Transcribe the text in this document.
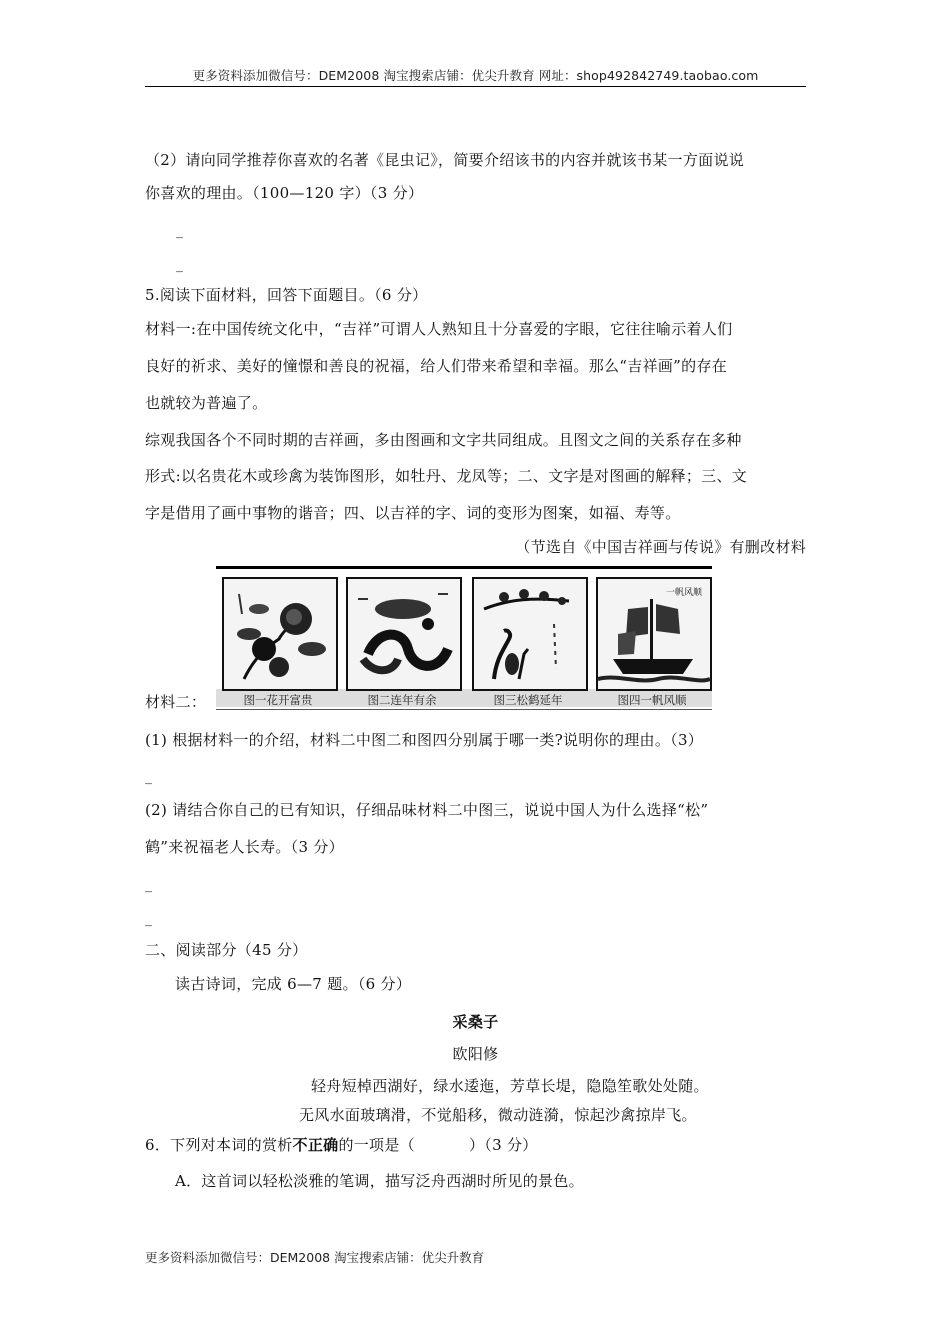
更多资料添加微信号：DEM2008 淘宝搜索店铺：优尖升教育 网址：shop492842749.taobao.com
（2）请向同学推荐你喜欢的名著《昆虫记》，简要介绍该书的内容并就该书某一方面说说
你喜欢的理由。（100—120 字）（3 分）
_
_
5.阅读下面材料，回答下面题目。（6 分）
材料一:在中国传统文化中，“吉祥”可谓人人熟知且十分喜爱的字眼，它往往喻示着人们
良好的祈求、美好的憧憬和善良的祝福，给人们带来希望和幸福。那么“吉祥画”的存在
也就较为普遍了。
综观我国各个不同时期的吉祥画，多由图画和文字共同组成。且图文之间的关系存在多种
形式:以名贵花木或珍禽为装饰图形，如牡丹、龙凤等；二、文字是对图画的解释；三、文
字是借用了画中事物的谐音；四、以吉祥的字、词的变形为图案，如福、寿等。
（节选自《中国吉祥画与传说》有删改材料
材料二：	图一花开富贵	图二连年有余	图三松鹤延年
一帆风顺
图四一帆风顺
(1) 根据材料一的介绍，材料二中图二和图四分别属于哪一类?说明你的理由。（3）
_
(2) 请结合你自己的已有知识，仔细品味材料二中图三，说说中国人为什么选择“松”
鹤”来祝福老人长寿。（3 分）
_
_
二、阅读部分（45 分）
读古诗词，完成 6—7 题。（6 分）
采桑子
欧阳修
轻舟短棹西湖好，绿水逶迤，芳草长堤，隐隐笙歌处处随。
无风水面玻璃滑，不觉船移，微动涟漪，惊起沙禽掠岸飞。
6．下列对本词的赏析不正确的一项是（	）（3 分）
A．这首词以轻松淡雅的笔调，描写泛舟西湖时所见的景色。
更多资料添加微信号：DEM2008 淘宝搜索店铺：优尖升教育
